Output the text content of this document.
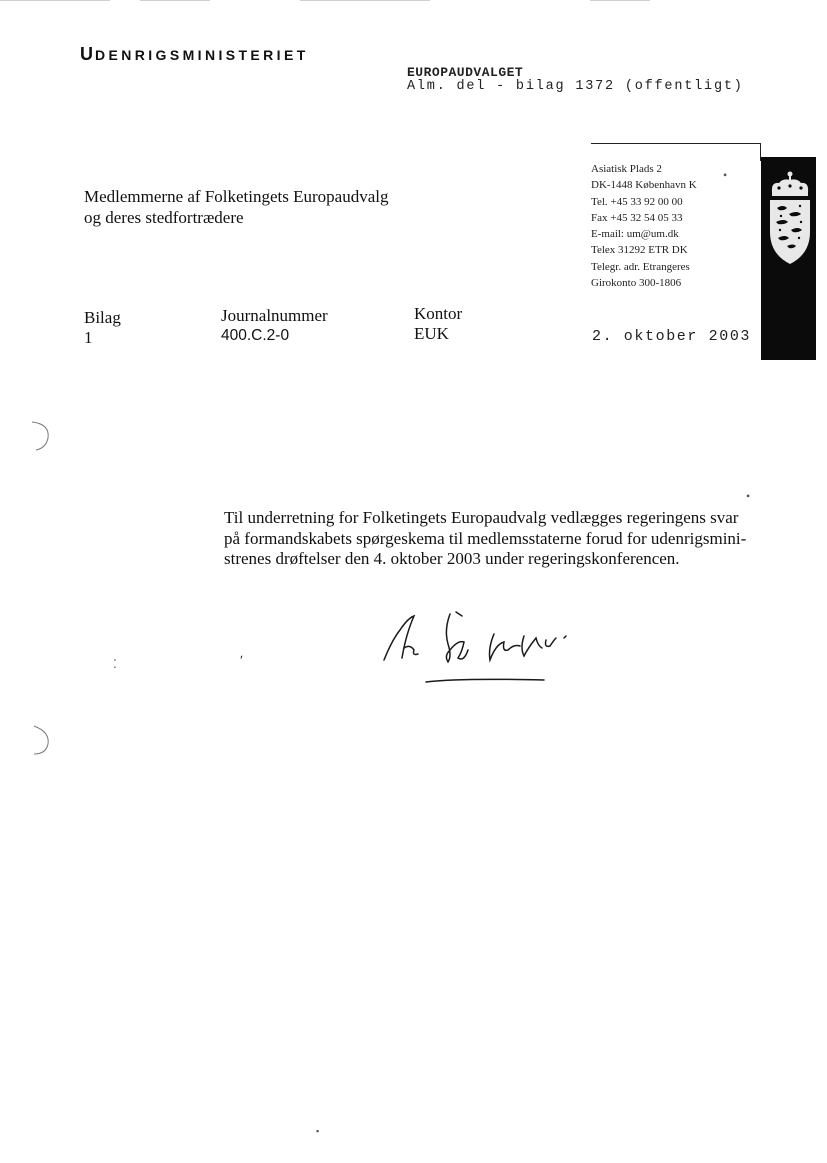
UDENRIGSMINISTERIET
EUROPAUDVALGET
Alm. del - bilag 1372 (offentligt)
Medlemmerne af Folketingets Europaudvalg
og deres stedfortrædere
Asiatisk Plads 2
DK-1448 København K
Tel. +45 33 92 00 00
Fax +45 32 54 05 33
E-mail: um@um.dk
Telex 31292 ETR DK
Telegr. adr. Etrangeres
Girokonto 300-1806
•
Bilag
1
Journalnummer
400.C.2-0
Kontor
EUK	2. oktober 2003
•
ʹ
⁚
Til underretning for Folketingets Europaudvalg vedlægges regeringens svar
på formandskabets spørgeskema til medlemsstaterne forud for udenrigsmini-
strenes drøftelser den 4. oktober 2003 under regeringskonferencen.
▪
